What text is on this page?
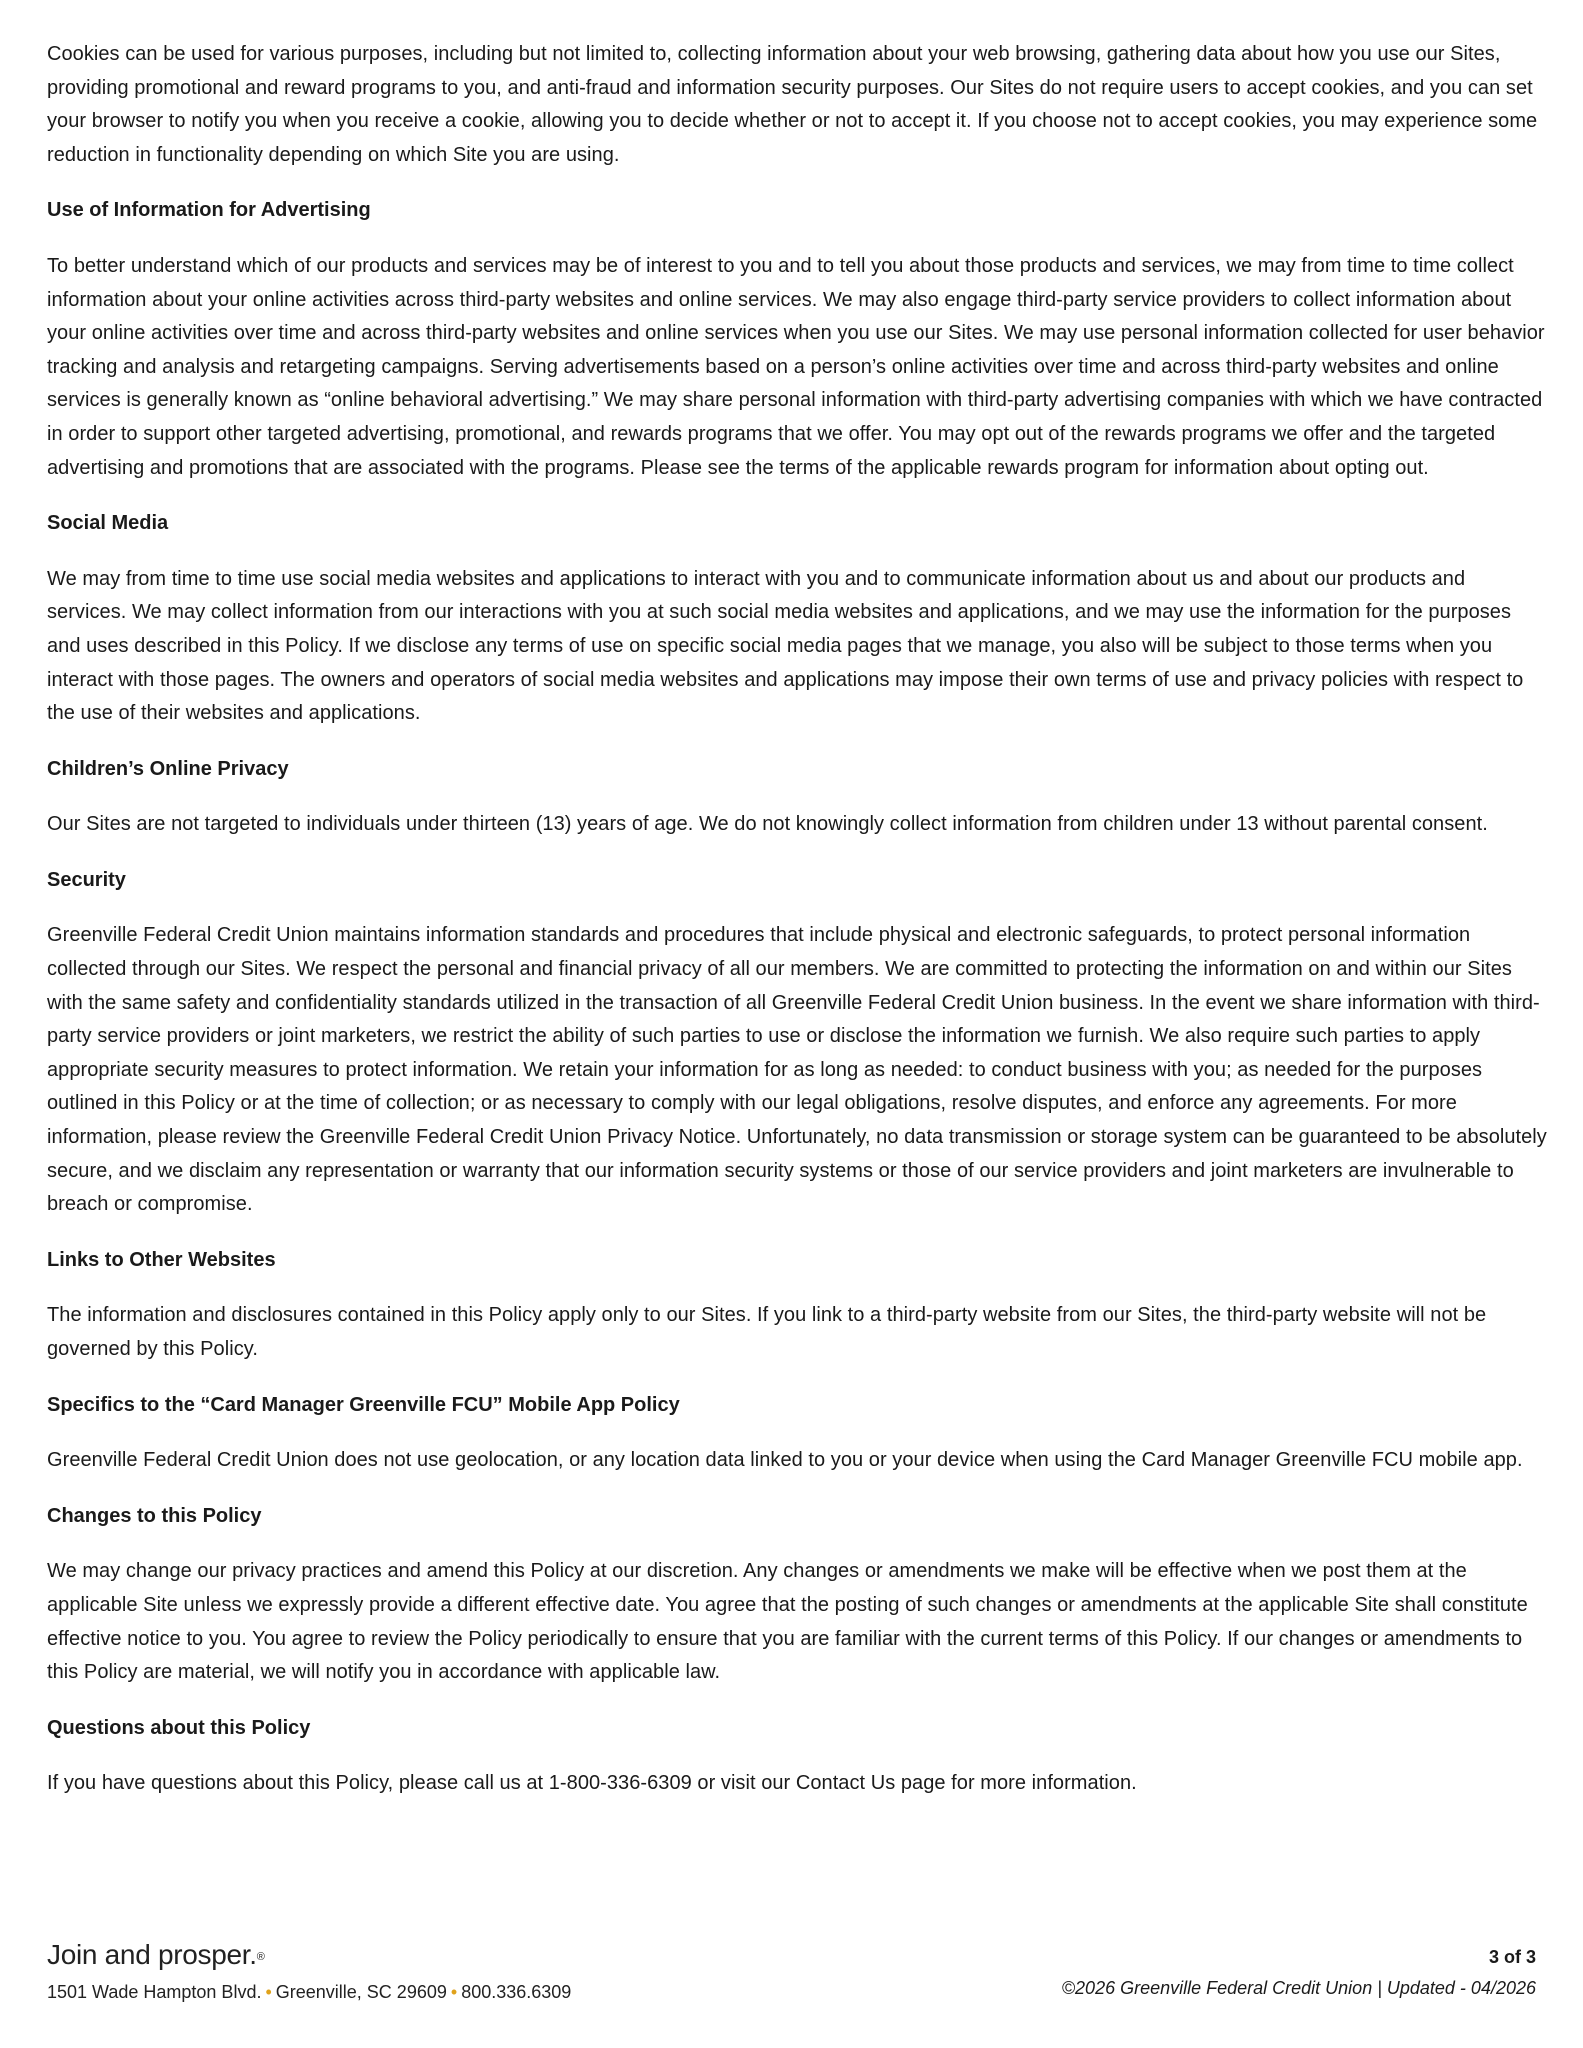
Cookies can be used for various purposes, including but not limited to, collecting information about your web browsing, gathering data about how you use our Sites, providing promotional and reward programs to you, and anti-fraud and information security purposes. Our Sites do not require users to accept cookies, and you can set your browser to notify you when you receive a cookie, allowing you to decide whether or not to accept it. If you choose not to accept cookies, you may experience some reduction in functionality depending on which Site you are using.

Use of Information for Advertising

To better understand which of our products and services may be of interest to you and to tell you about those products and services, we may from time to time collect information about your online activities across third-party websites and online services. We may also engage third-party service providers to collect information about your online activities over time and across third-party websites and online services when you use our Sites. We may use personal information collected for user behavior tracking and analysis and retargeting campaigns. Serving advertisements based on a person’s online activities over time and across third-party websites and online services is generally known as “online behavioral advertising.” We may share personal information with third-party advertising companies with which we have contracted in order to support other targeted advertising, promotional, and rewards programs that we offer. You may opt out of the rewards programs we offer and the targeted advertising and promotions that are associated with the programs. Please see the terms of the applicable rewards program for information about opting out.

Social Media

We may from time to time use social media websites and applications to interact with you and to communicate information about us and about our products and services. We may collect information from our interactions with you at such social media websites and applications, and we may use the information for the purposes and uses described in this Policy. If we disclose any terms of use on specific social media pages that we manage, you also will be subject to those terms when you interact with those pages. The owners and operators of social media websites and applications may impose their own terms of use and privacy policies with respect to the use of their websites and applications.

Children’s Online Privacy

Our Sites are not targeted to individuals under thirteen (13) years of age. We do not knowingly collect information from children under 13 without parental consent.

Security

Greenville Federal Credit Union maintains information standards and procedures that include physical and electronic safeguards, to protect personal information collected through our Sites. We respect the personal and financial privacy of all our members. We are committed to protecting the information on and within our Sites with the same safety and confidentiality standards utilized in the transaction of all Greenville Federal Credit Union business. In the event we share information with third-party service providers or joint marketers, we restrict the ability of such parties to use or disclose the information we furnish. We also require such parties to apply appropriate security measures to protect information. We retain your information for as long as needed: to conduct business with you; as needed for the purposes outlined in this Policy or at the time of collection; or as necessary to comply with our legal obligations, resolve disputes, and enforce any agreements. For more information, please review the Greenville Federal Credit Union Privacy Notice. Unfortunately, no data transmission or storage system can be guaranteed to be absolutely secure, and we disclaim any representation or warranty that our information security systems or those of our service providers and joint marketers are invulnerable to breach or compromise.

Links to Other Websites

The information and disclosures contained in this Policy apply only to our Sites. If you link to a third-party website from our Sites, the third-party website will not be governed by this Policy.

Specifics to the “Card Manager Greenville FCU” Mobile App Policy

Greenville Federal Credit Union does not use geolocation, or any location data linked to you or your device when using the Card Manager Greenville FCU mobile app.

Changes to this Policy

We may change our privacy practices and amend this Policy at our discretion. Any changes or amendments we make will be effective when we post them at the applicable Site unless we expressly provide a different effective date. You agree that the posting of such changes or amendments at the applicable Site shall constitute effective notice to you. You agree to review the Policy periodically to ensure that you are familiar with the current terms of this Policy. If our changes or amendments to this Policy are material, we will notify you in accordance with applicable law.

Questions about this Policy

If you have questions about this Policy, please call us at 1-800-336-6309 or visit our Contact Us page for more information.

Join and prosper.®
1501 Wade Hampton Blvd. • Greenville, SC 29609 • 800.336.6309
3 of 3
©2026 Greenville Federal Credit Union | Updated - 04/2026
